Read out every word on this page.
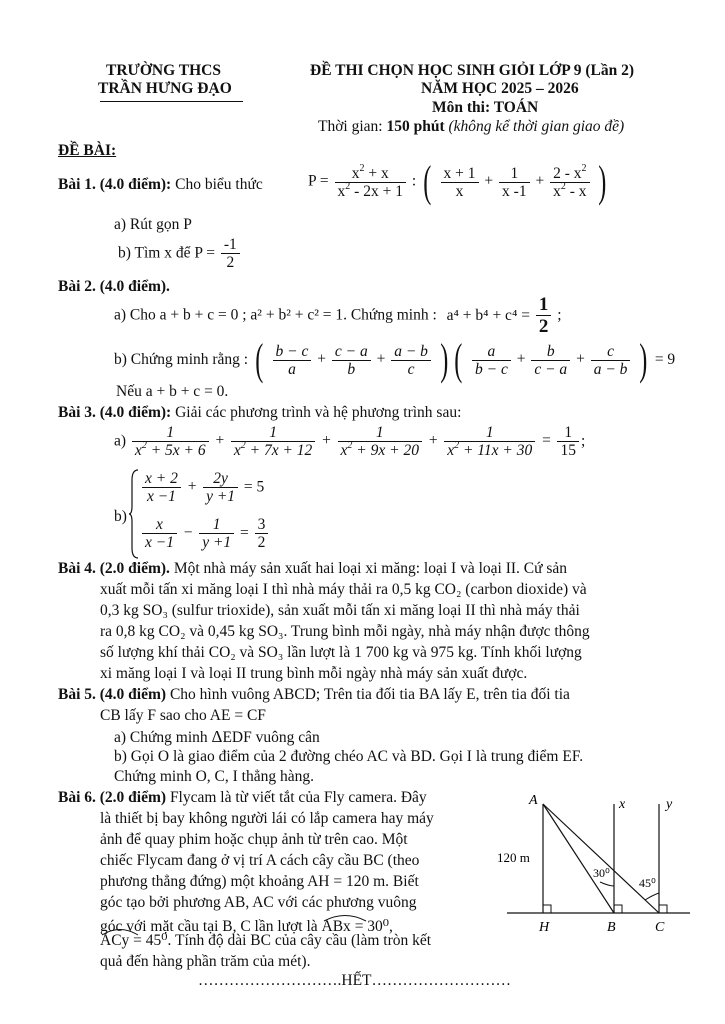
TRƯỜNG THCS
TRẦN HƯNG ĐẠO
ĐỀ THI CHỌN HỌC SINH GIỎI LỚP 9 (Lần 2)
NĂM HỌC 2025 – 2026
Môn thi: TOÁN
Thời gian: 150 phút (không kể thời gian giao đề)
ĐỀ BÀI:
Bài 1. (4.0 điểm): Cho biểu thức	$P = \frac{x^2 + x}{x^2 - 2x + 1}$ : ( $\frac{x + 1}{x} + \frac{1}{x -1} + \frac{2 - x^2}{x^2 - x}$ )
a) Rút gọn P
b) Tìm x để $P = \frac{-1}{2}$
Bài 2. (4.0 điểm).
a) Cho a + b + c = 0 ; a² + b² + c² = 1. Chứng minh : $a^4 + b^4 + c^4 = \frac{1}{2}$ ;
b) Chứng minh rằng : ( $\frac{b - c}{a} + \frac{c - a}{b} + \frac{a - b}{c}$ ) ( $\frac{a}{b - c} + \frac{b}{c - a} + \frac{c}{a - b}$ ) = 9
Nếu a + b + c = 0.
Bài 3. (4.0 điểm): Giải các phương trình và hệ phương trình sau:
$a) \frac{1}{x^2 + 5x + 6} + \frac{1}{x^2 + 7x + 12} + \frac{1}{x^2 + 9x + 20} + \frac{1}{x^2 + 11x + 30} = \frac{1}{15}$ ;
b)
$\frac{x + 2}{x -1} + \frac{2y}{y +1} = 5$
$\frac{x}{x -1} - \frac{1}{y +1} = \frac{3}{2}$
Bài 4. (2.0 điểm). Một nhà máy sản xuất hai loại xi măng: loại I và loại II. Cứ sản
xuất mỗi tấn xi măng loại I thì nhà máy thải ra 0,5 kg CO₂ (carbon dioxide) và
0,3 kg SO₃ (sulfur trioxide), sản xuất mỗi tấn xi măng loại II thì nhà máy thải
ra 0,8 kg CO₂ và 0,45 kg SO₃. Trung bình mỗi ngày, nhà máy nhận được thông
số lượng khí thải CO₂ và SO₃ lần lượt là 1 700 kg và 975 kg. Tính khối lượng
xi măng loại I và loại II trung bình mỗi ngày nhà máy sản xuất được.
Bài 5. (4.0 điểm) Cho hình vuông ABCD; Trên tia đối tia BA lấy E, trên tia đối tia
CB lấy F sao cho AE = CF
a) Chứng minh ΔEDF vuông cân
b) Gọi O là giao điểm của 2 đường chéo AC và BD. Gọi I là trung điểm EF.
Chứng minh O, C, I thẳng hàng.
Bài 6. (2.0 điểm) Flycam là từ viết tắt của Fly camera. Đây
là thiết bị bay không người lái có lắp camera hay máy
ảnh để quay phim hoặc chụp ảnh từ trên cao. Một
chiếc Flycam đang ở vị trí A cách cây cầu BC (theo
phương thẳng đứng) một khoảng AH = 120 m. Biết
góc tạo bởi phương AB, AC với các phương vuông
góc với mặt cầu tại B, C lần lượt là ABx = 30⁰,
ACy = 45⁰. Tính độ dài BC của cây cầu (làm tròn kết
quả đến hàng phần trăm của mét).
A
H	B	C
x	y
120 m
30⁰
45⁰
……………………….HẾT………………………
